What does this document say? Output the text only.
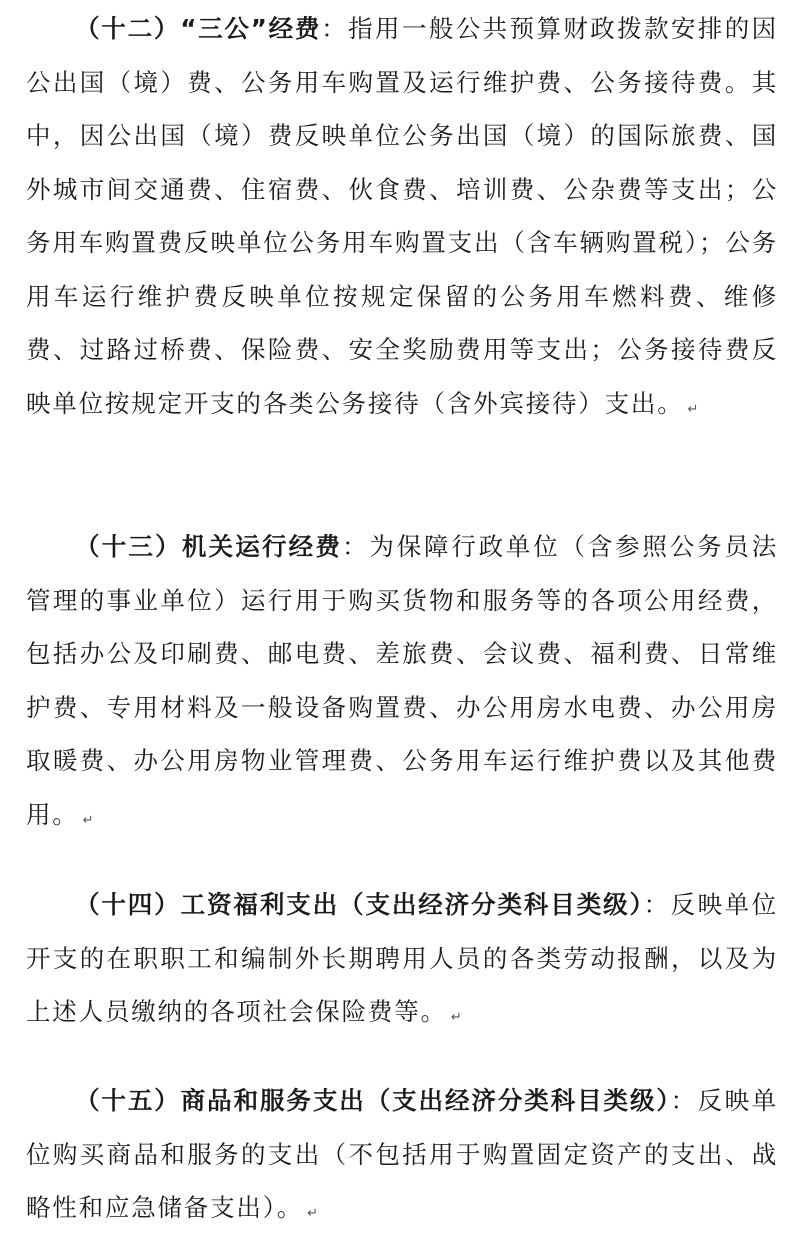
（十二）“三公”经费：指用一般公共预算财政拨款安排的因公出国（境）费、公务用车购置及运行维护费、公务接待费。其中，因公出国（境）费反映单位公务出国（境）的国际旅费、国外城市间交通费、住宿费、伙食费、培训费、公杂费等支出；公务用车购置费反映单位公务用车购置支出（含车辆购置税）；公务用车运行维护费反映单位按规定保留的公务用车燃料费、维修费、过路过桥费、保险费、安全奖励费用等支出；公务接待费反映单位按规定开支的各类公务接待（含外宾接待）支出。 ↵

（十三）机关运行经费：为保障行政单位（含参照公务员法管理的事业单位）运行用于购买货物和服务等的各项公用经费，包括办公及印刷费、邮电费、差旅费、会议费、福利费、日常维护费、专用材料及一般设备购置费、办公用房水电费、办公用房取暖费、办公用房物业管理费、公务用车运行维护费以及其他费用。 ↵

（十四）工资福利支出（支出经济分类科目类级）：反映单位开支的在职职工和编制外长期聘用人员的各类劳动报酬，以及为上述人员缴纳的各项社会保险费等。 ↵

（十五）商品和服务支出（支出经济分类科目类级）：反映单位购买商品和服务的支出（不包括用于购置固定资产的支出、战略性和应急储备支出）。 ↵
